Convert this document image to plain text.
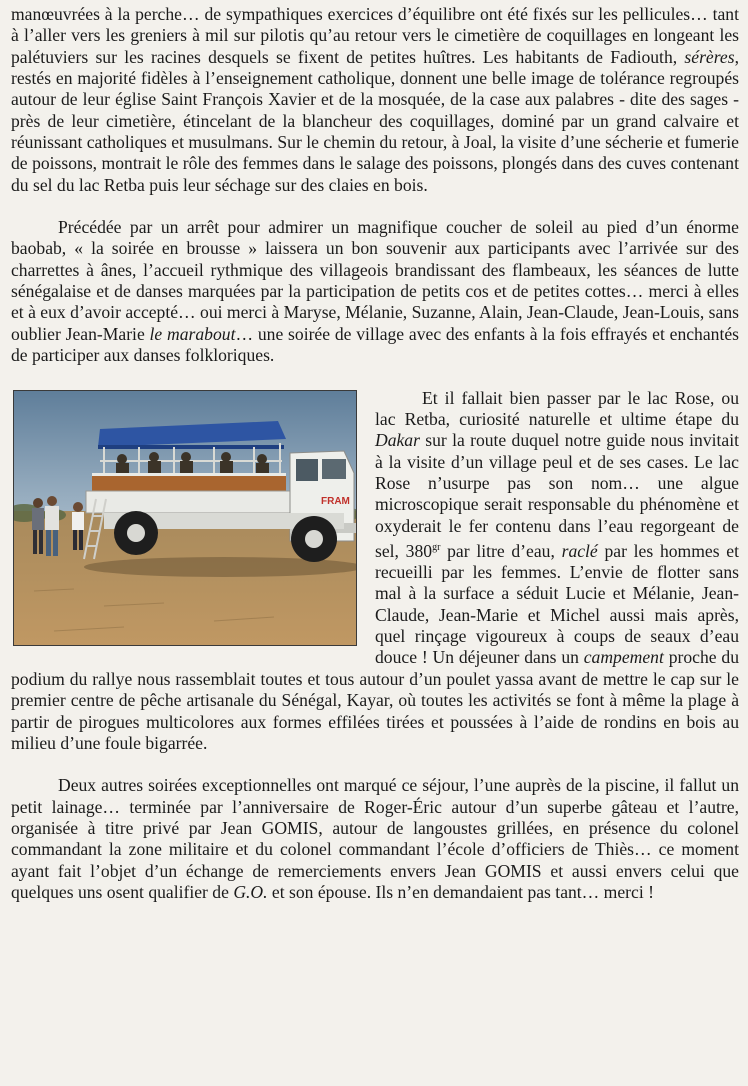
manœuvrées à la perche… de sympathiques exercices d’équilibre ont été fixés sur les pellicules… tant à l’aller vers les greniers à mil sur pilotis qu’au retour vers le cimetière de coquillages en longeant les palétuviers sur les racines desquels se fixent de petites huîtres. Les habitants de Fadiouth, sérères, restés en majorité fidèles à l’enseignement catholique, donnent une belle image de tolérance regroupés autour de leur église Saint François Xavier et de la mosquée, de la case aux palabres - dite des sages - près de leur cimetière, étincelant de la blancheur des coquillages, dominé par un grand calvaire et réunissant catholiques et musulmans. Sur le chemin du retour, à Joal, la visite d’une sécherie et fumerie de poissons, montrait le rôle des femmes dans le salage des poissons, plongés dans des cuves contenant du sel du lac Retba puis leur séchage sur des claies en bois.

Précédée par un arrêt pour admirer un magnifique coucher de soleil au pied d’un énorme baobab, « la soirée en brousse » laissera un bon souvenir aux participants avec l’arrivée sur des charrettes à ânes, l’accueil rythmique des villageois brandissant des flambeaux, les séances de lutte sénégalaise et de danses marquées par la participation de petits cos et de petites cottes… merci à elles et à eux d’avoir accepté… oui merci à Maryse, Mélanie, Suzanne, Alain, Jean-Claude, Jean-Louis, sans oublier Jean-Marie le marabout… une soirée de village avec des enfants à la fois effrayés et enchantés de participer aux danses folkloriques.

FRAM

Et il fallait bien passer par le lac Rose, ou lac Retba, curiosité naturelle et ultime étape du Dakar sur la route duquel notre guide nous invitait à la visite d’un village peul et de ses cases. Le lac Rose n’usurpe pas son nom… une algue microscopique serait responsable du phénomène et oxyderait le fer contenu dans l’eau regorgeant de sel, $380^{gr}$ par litre d’eau, raclé par les hommes et recueilli par les femmes. L’envie de flotter sans mal à la surface a séduit Lucie et Mélanie, Jean-Claude, Jean-Marie et Michel aussi mais après, quel rinçage vigoureux à coups de seaux d’eau douce ! Un déjeuner dans un campement proche du podium du rallye nous rassemblait toutes et tous autour d’un poulet yassa avant de mettre le cap sur le premier centre de pêche artisanale du Sénégal, Kayar, où toutes les activités se font à même la plage à partir de pirogues multicolores aux formes effilées tirées et poussées à l’aide de rondins en bois au milieu d’une foule bigarrée.

Deux autres soirées exceptionnelles ont marqué ce séjour, l’une auprès de la piscine, il fallut un petit lainage… terminée par l’anniversaire de Roger-Éric autour d’un superbe gâteau et l’autre, organisée à titre privé par Jean GOMIS, autour de langoustes grillées, en présence du colonel commandant la zone militaire et du colonel commandant l’école d’officiers de Thiès… ce moment ayant fait l’objet d’un échange de remerciements envers Jean GOMIS et aussi envers celui que quelques uns osent qualifier de G.O. et son épouse. Ils n’en demandaient pas tant… merci !
